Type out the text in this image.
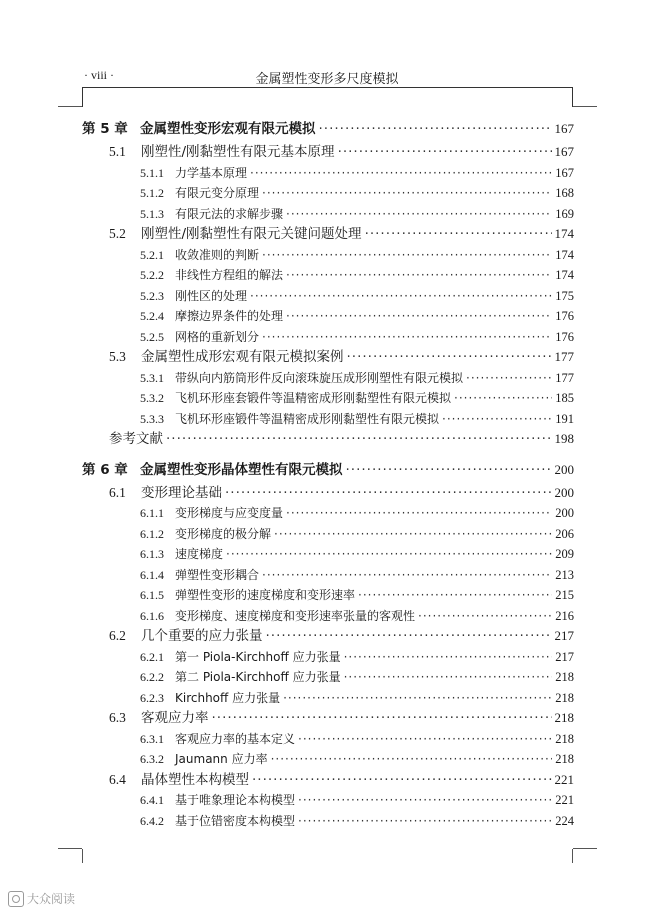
· viii ·	金属塑性变形多尺度模拟
第 5 章 金属塑性变形宏观有限元模拟 ·····	167
5.1	刚塑性/刚黏塑性有限元基本原理 ·····	167
5.1.1 力学基本原理 ·····	167
5.1.2 有限元变分原理 ·····	168
5.1.3 有限元法的求解步骤 ·····	169
5.2	刚塑性/刚黏塑性有限元关键问题处理 ·····	174
5.2.1 收敛准则的判断 ·····	174
5.2.2 非线性方程组的解法 ·····	174
5.2.3 刚性区的处理 ·····	175
5.2.4 摩擦边界条件的处理 ·····	176
5.2.5 网格的重新划分 ·····	176
5.3	金属塑性成形宏观有限元模拟案例 ·····	177
5.3.1 带纵向内筋筒形件反向滚珠旋压成形刚塑性有限元模拟 ·····	177
5.3.2 飞机环形座套锻件等温精密成形刚黏塑性有限元模拟 ·····	185
5.3.3 飞机环形座锻件等温精密成形刚黏塑性有限元模拟 ·····	191
参考文献 ·····	198
第 6 章 金属塑性变形晶体塑性有限元模拟 ·····	200
6.1	变形理论基础 ·····	200
6.1.1 变形梯度与应变度量 ·····	200
6.1.2 变形梯度的极分解 ·····	206
6.1.3 速度梯度 ·····	209
6.1.4 弹塑性变形耦合 ·····	213
6.1.5 弹塑性变形的速度梯度和变形速率 ·····	215
6.1.6 变形梯度、速度梯度和变形速率张量的客观性 ·····	216
6.2	几个重要的应力张量 ·····	217
6.2.1 第一 Piola-Kirchhoff 应力张量 ·····	217
6.2.2 第二 Piola-Kirchhoff 应力张量 ·····	218
6.2.3 Kirchhoff 应力张量 ·····	218
6.3	客观应力率 ·····	218
6.3.1 客观应力率的基本定义 ·····	218
6.3.2 Jaumann 应力率 ·····	218
6.4	晶体塑性本构模型 ·····	221
6.4.1 基于唯象理论本构模型 ·····	221
6.4.2 基于位错密度本构模型 ·····	224
大众阅读
